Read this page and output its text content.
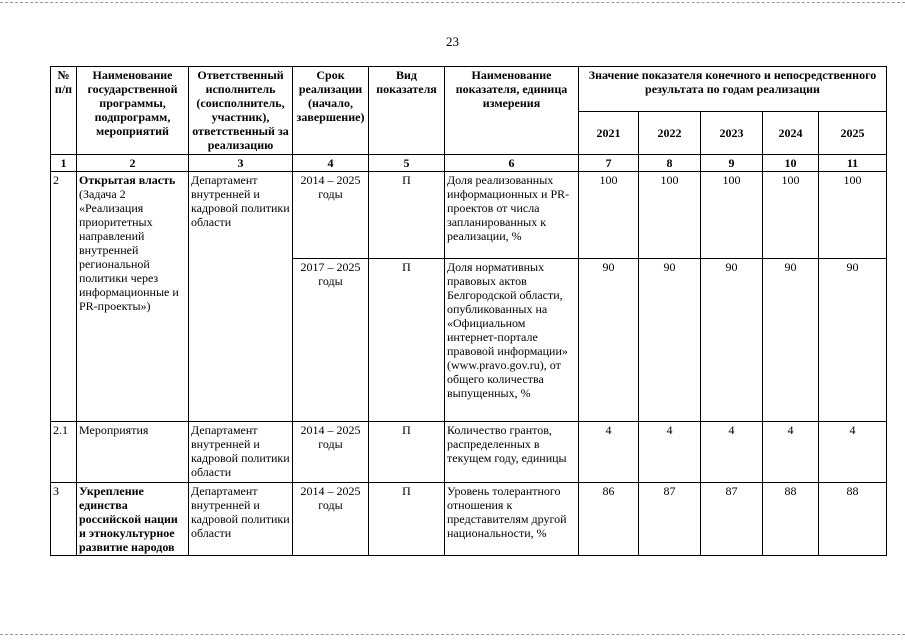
23
№ п/п	Наименование государственной программы, подпрограмм, мероприятий	Ответственный исполнитель (соисполнитель, участник), ответственный за реализацию	Срок реализации (начало, завершение)	Вид показателя	Наименование показателя, единица измерения	Значение показателя конечного и непосредственного результата по годам реализации				
						2021	2022	2023	2024	2025
1	2	3	4	5	6	7	8	9	10	11
2	Открытая власть (Задача 2 «Реализация приоритетных направлений внутренней региональной политики через информационные и PR-проекты»)	Департамент внутренней и кадровой политики области	2014 – 2025 годы	П	Доля реализованных информационных и PR-проектов от числа запланированных к реализации, %	100	100	100	100	100
			2017 – 2025 годы	П	Доля нормативных правовых актов Белгородской области, опубликованных на «Официальном интернет-портале правовой информации» (www.pravo.gov.ru), от общего количества выпущенных, %	90	90	90	90	90
2.1	Мероприятия	Департамент внутренней и кадровой политики области	2014 – 2025 годы	П	Количество грантов, распределенных в текущем году, единицы	4	4	4	4	4
3	Укрепление единства российской нации и этнокультурное развитие народов	Департамент внутренней и кадровой политики области	2014 – 2025 годы	П	Уровень толерантного отношения к представителям другой национальности, %	86	87	87	88	88
